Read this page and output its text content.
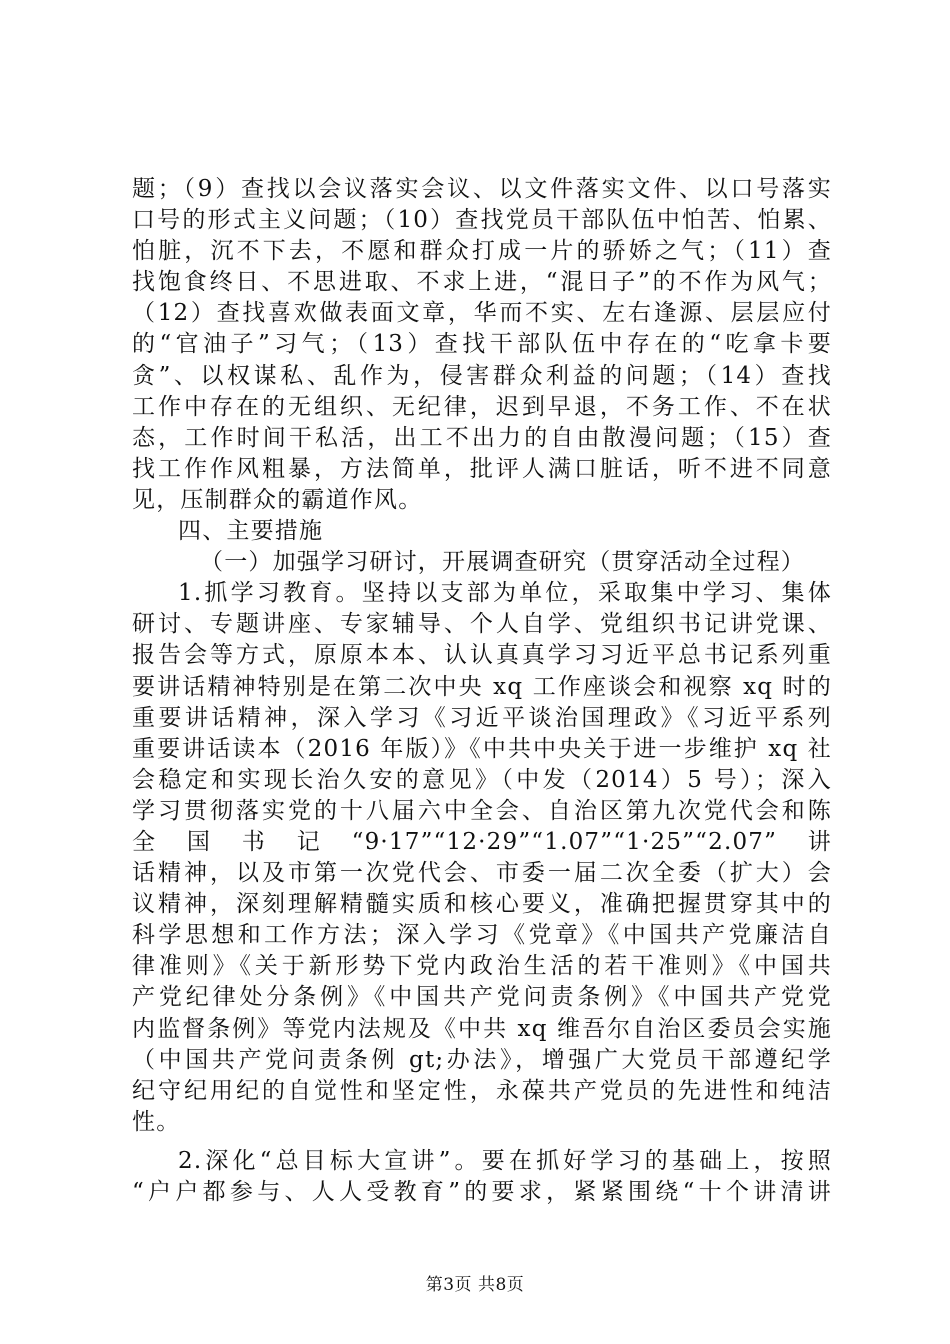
题；（9）查找以会议落实会议、以文件落实文件、以口号落实
口号的形式主义问题；（10）查找党员干部队伍中怕苦、怕累、
怕脏，沉不下去，不愿和群众打成一片的骄娇之气；（11）查
找饱食终日、不思进取、不求上进，“混日子”的不作为风气；
（12）查找喜欢做表面文章，华而不实、左右逢源、层层应付
的“官油子”习气；（13）查找干部队伍中存在的“吃拿卡要
贪”、以权谋私、乱作为，侵害群众利益的问题；（14）查找
工作中存在的无组织、无纪律，迟到早退，不务工作、不在状
态，工作时间干私活，出工不出力的自由散漫问题；（15）查
找工作作风粗暴，方法简单，批评人满口脏话，听不进不同意
见，压制群众的霸道作风。
四、主要措施
（一）加强学习研讨，开展调查研究（贯穿活动全过程）
1.抓学习教育。坚持以支部为单位，采取集中学习、集体
研讨、专题讲座、专家辅导、个人自学、党组织书记讲党课、
报告会等方式，原原本本、认认真真学习习近平总书记系列重
要讲话精神特别是在第二次中央 xq 工作座谈会和视察 xq 时的
重要讲话精神，深入学习《习近平谈治国理政》《习近平系列
重要讲话读本（2016 年版）》《中共中央关于进一步维护 xq 社
会稳定和实现长治久安的意见》（中发（2014）5 号）；深入
学习贯彻落实党的十八届六中全会、自治区第九次党代会和陈
全国书记“9·17”“12·29”“1.07”“1·25”“2.07”讲
话精神，以及市第一次党代会、市委一届二次全委（扩大）会
议精神，深刻理解精髓实质和核心要义，准确把握贯穿其中的
科学思想和工作方法；深入学习《党章》《中国共产党廉洁自
律准则》《关于新形势下党内政治生活的若干准则》《中国共
产党纪律处分条例》《中国共产党问责条例》《中国共产党党
内监督条例》等党内法规及《中共 xq 维吾尔自治区委员会实施
（中国共产党问责条例 gt;办法》，增强广大党员干部遵纪学
纪守纪用纪的自觉性和坚定性，永葆共产党员的先进性和纯洁
性。
2.深化“总目标大宣讲”。要在抓好学习的基础上，按照
“户户都参与、人人受教育”的要求，紧紧围绕“十个讲清讲
第3页 共8页
